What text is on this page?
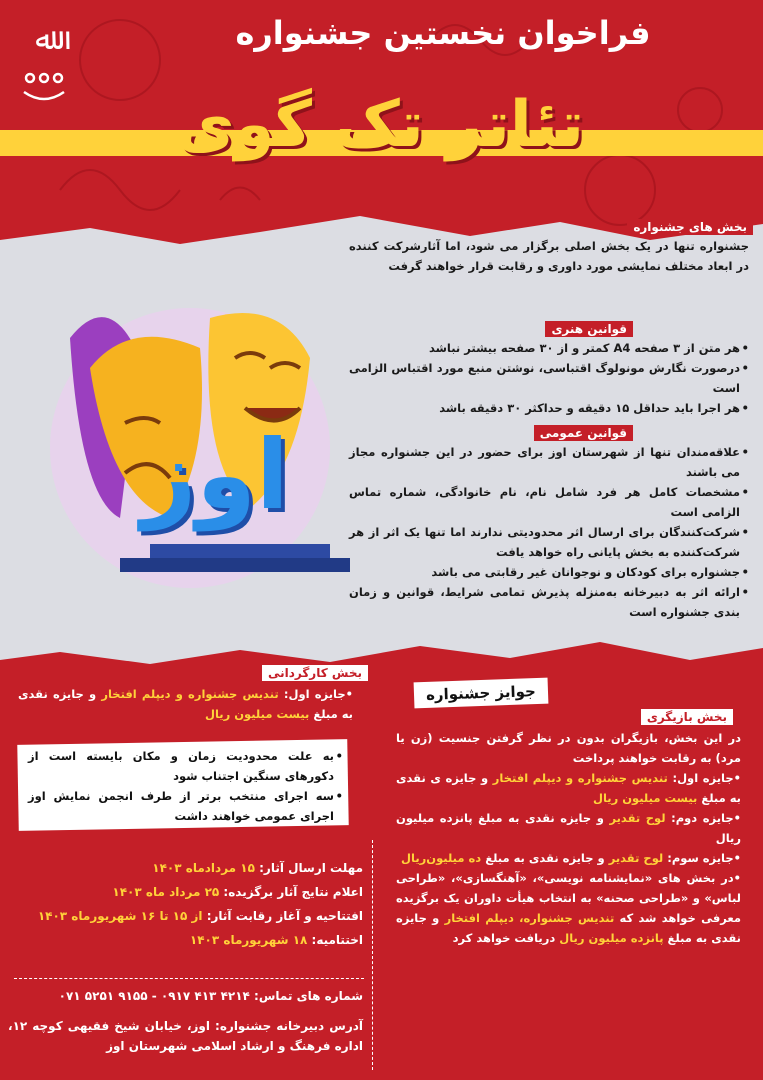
ﷲ	فراخوان نخستین جشنواره
تئاتر تک گوی
اوز
بخش های جشنواره
جشنواره تنها در یک بخش اصلی برگزار می شود، اما آثارشرکت کننده در ابعاد مختلف نمایشی مورد داوری و رقابت قرار خواهند گرفت
قوانین هنری
• هر متن از ۳ صفحه A4 کمتر و از ۳۰ صفحه بیشتر نباشد
• درصورت نگارش مونولوگ اقتباسی، نوشتن منبع مورد اقتباس الزامی است
• هر اجرا باید حداقل ۱۵ دقیقه و حداکثر ۳۰ دقیقه باشد
قوانین عمومی
• علاقه‌مندان تنها از شهرستان اوز برای حضور در این جشنواره مجاز می باشند
• مشخصات کامل هر فرد شامل نام، نام خانوادگی، شماره تماس الزامی است
• شرکت‌کنندگان برای ارسال اثر محدودیتی ندارند اما تنها یک اثر از هر شرکت‌کننده به بخش پایانی راه خواهد یافت
• جشنواره برای کودکان و نوجوانان غیر رقابتی می باشد
• ارائه اثر به دبیرخانه به‌منزله پذیرش تمامی شرایط، قوانین و زمان بندی جشنواره است
بخش کارگردانی
•جایزه اول: تندیس جشنواره و دیپلم افتخار و جایزه نقدی به مبلغ بیست میلیون ریال
• به علت محدودیت زمان و مکان بایسته است از دکورهای سنگین اجتناب شود
• سه اجرای منتخب برتر از طرف انجمن نمایش اوز اجرای عمومی خواهند داشت
مهلت ارسال آثار: ۱۵ مردادماه ۱۴۰۳
اعلام نتایج آثار برگزیده: ۲۵ مرداد ماه ۱۴۰۳
افتتاحیه و آغاز رقابت آثار: از ۱۵ تا ۱۶ شهریورماه ۱۴۰۳
اختتامیه: ۱۸ شهریورماه ۱۴۰۳
شماره های تماس: ۴۲۱۴ ۴۱۳ ۰۹۱۷ - ۹۱۵۵ ۵۲۵۱ ۰۷۱
آدرس دبیرخانه جشنواره: اوز، خیابان شیخ فقیهی کوچه ۱۲، اداره فرهنگ و ارشاد اسلامی شهرستان اوز
جوایز جشنواره
بخش بازیگری
در این بخش، بازیگران بدون در نظر گرفتن جنسیت (زن یا مرد) به رقابت خواهند پرداخت
•جایزه اول: تندیس جشنواره و دیپلم افتخار و جایزه ی نقدی به مبلغ بیست میلیون ریال
•جایزه دوم: لوح تقدیر و جایزه نقدی به مبلغ پانزده میلیون ریال
•جایزه سوم: لوح تقدیر و جایزه نقدی به مبلغ ده میلیون‌ریال
•در بخش های «نمایشنامه نویسی»، «آهنگسازی»، «طراحی لباس» و «طراحی صحنه» به انتخاب هیأت داوران یک برگزیده معرفی خواهد شد که تندیس جشنواره، دیپلم افتخار و جایزه نقدی به مبلغ پانزده میلیون ریال دریافت خواهد کرد
